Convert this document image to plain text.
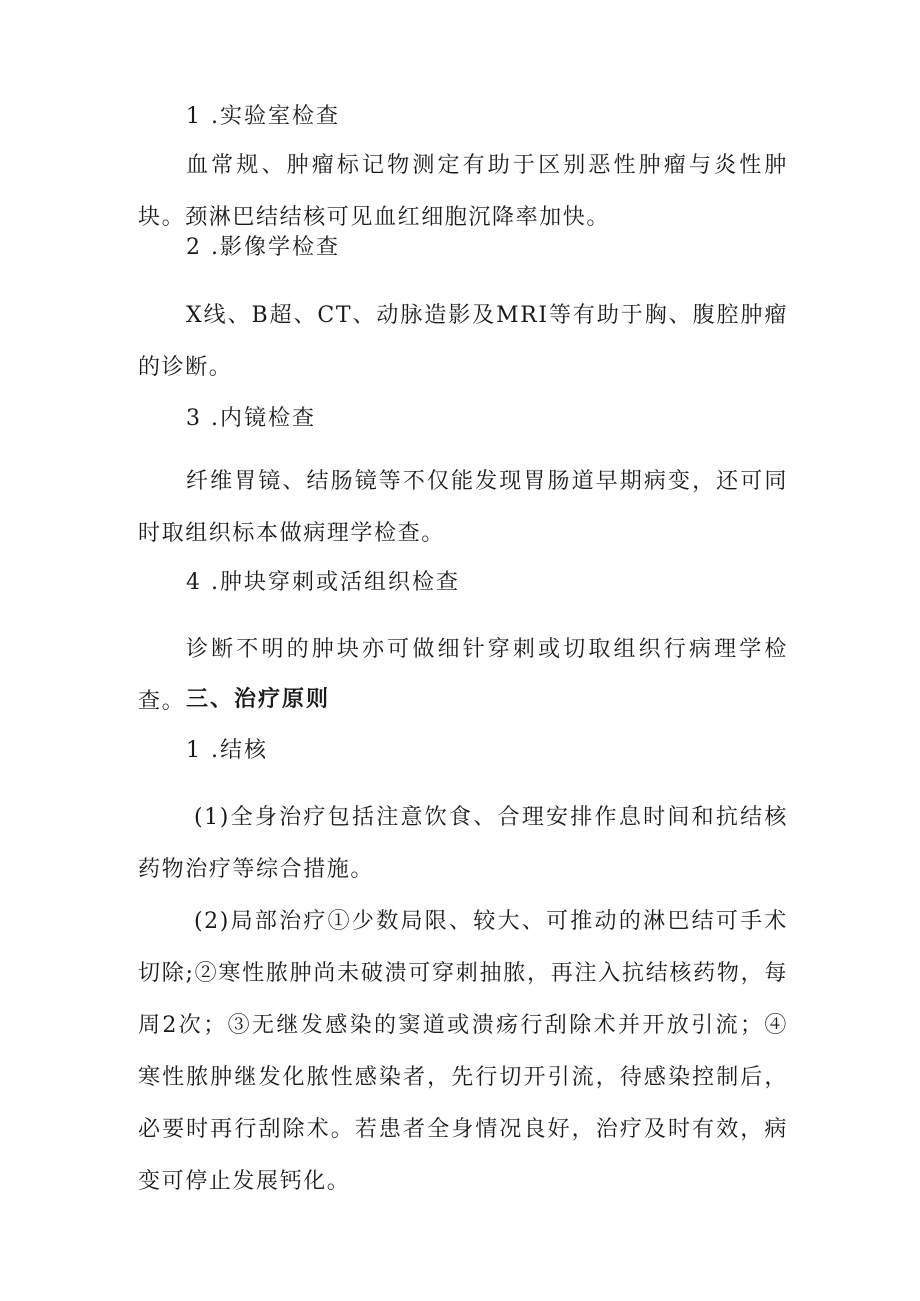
1 .实验室检查

血常规、肿瘤标记物测定有助于区别恶性肿瘤与炎性肿块。颈淋巴结结核可见血红细胞沉降率加快。

2 .影像学检查

X线、B超、CT、动脉造影及MRI等有助于胸、腹腔肿瘤的诊断。

3 .内镜检查

纤维胃镜、结肠镜等不仅能发现胃肠道早期病变，还可同时取组织标本做病理学检查。

4 .肿块穿刺或活组织检查

诊断不明的肿块亦可做细针穿刺或切取组织行病理学检查。 三、治疗原则
1 .结核

(1)全身治疗包括注意饮食、合理安排作息时间和抗结核药物治疗等综合措施。

(2)局部治疗①少数局限、较大、可推动的淋巴结可手术切除;②寒性脓肿尚未破溃可穿刺抽脓，再注入抗结核药物，每周2次；③无继发感染的窦道或溃疡行刮除术并开放引流；④寒性脓肿继发化脓性感染者，先行切开引流，待感染控制后，必要时再行刮除术。若患者全身情况良好，治疗及时有效，病变可停止发展钙化。
